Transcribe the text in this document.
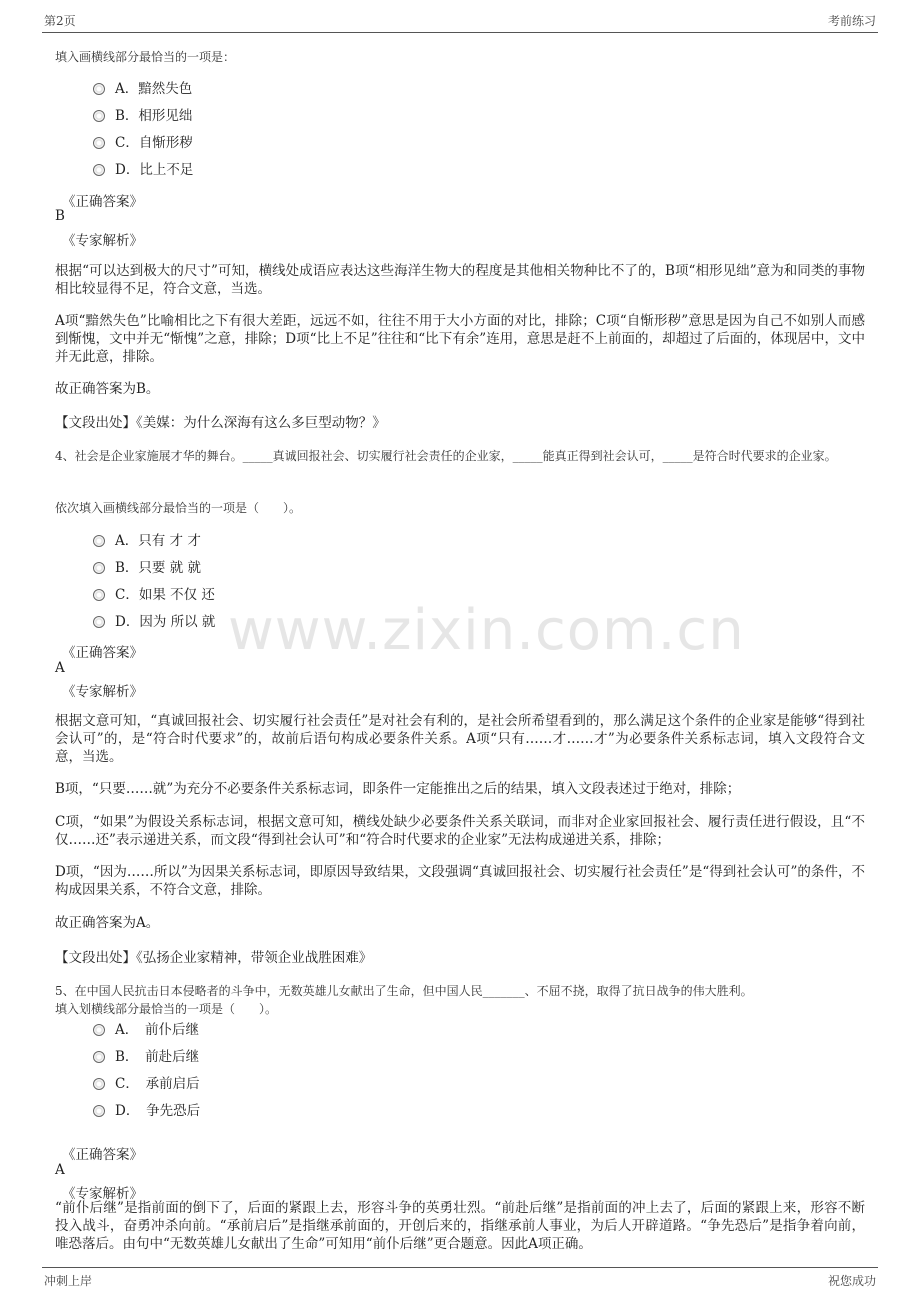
第2页	考前练习
www.zixin.com.cn
填入画横线部分最恰当的一项是：
A．黯然失色
B．相形见绌
C．自惭形秽
D．比上不足
《正确答案》
B
《专家解析》
根据“可以达到极大的尺寸”可知，横线处成语应表达这些海洋生物大的程度是其他相关物种比不了的，B项“相形见绌”意为和同类的事物相比较显得不足，符合文意，当选。
A项“黯然失色”比喻相比之下有很大差距，远远不如，往往不用于大小方面的对比，排除；C项“自惭形秽”意思是因为自己不如别人而感到惭愧，文中并无“惭愧”之意，排除；D项“比上不足”往往和“比下有余”连用，意思是赶不上前面的，却超过了后面的，体现居中，文中并无此意，排除。
故正确答案为B。
【文段出处】《美媒：为什么深海有这么多巨型动物？》
4、社会是企业家施展才华的舞台。_____真诚回报社会、切实履行社会责任的企业家，_____能真正得到社会认可，_____是符合时代要求的企业家。
依次填入画横线部分最恰当的一项是（　　）。
A．只有 才 才
B．只要 就 就
C．如果 不仅 还
D．因为 所以 就
《正确答案》
A
《专家解析》
根据文意可知，“真诚回报社会、切实履行社会责任”是对社会有利的，是社会所希望看到的，那么满足这个条件的企业家是能够“得到社会认可”的，是“符合时代要求”的，故前后语句构成必要条件关系。A项“只有……才……才”为必要条件关系标志词，填入文段符合文意，当选。
B项，“只要……就”为充分不必要条件关系标志词，即条件一定能推出之后的结果，填入文段表述过于绝对，排除；
C项，“如果”为假设关系标志词，根据文意可知，横线处缺少必要条件关系关联词，而非对企业家回报社会、履行责任进行假设，且“不仅……还”表示递进关系，而文段“得到社会认可”和“符合时代要求的企业家”无法构成递进关系，排除；
D项，“因为……所以”为因果关系标志词，即原因导致结果，文段强调“真诚回报社会、切实履行社会责任”是“得到社会认可”的条件，不构成因果关系，不符合文意，排除。
故正确答案为A。
【文段出处】《弘扬企业家精神，带领企业战胜困难》
5、在中国人民抗击日本侵略者的斗争中，无数英雄儿女献出了生命，但中国人民_______、不屈不挠，取得了抗日战争的伟大胜利。
填入划横线部分最恰当的一项是（　　）。
A．　前仆后继
B．　前赴后继
C．　承前启后
D．　争先恐后
《正确答案》
A
《专家解析》
“前仆后继”是指前面的倒下了，后面的紧跟上去，形容斗争的英勇壮烈。“前赴后继”是指前面的冲上去了，后面的紧跟上来，形容不断投入战斗，奋勇冲杀向前。“承前启后”是指继承前面的，开创后来的，指继承前人事业，为后人开辟道路。“争先恐后”是指争着向前，唯恐落后。由句中“无数英雄儿女献出了生命”可知用“前仆后继”更合题意。因此A项正确。
冲刺上岸	祝您成功
